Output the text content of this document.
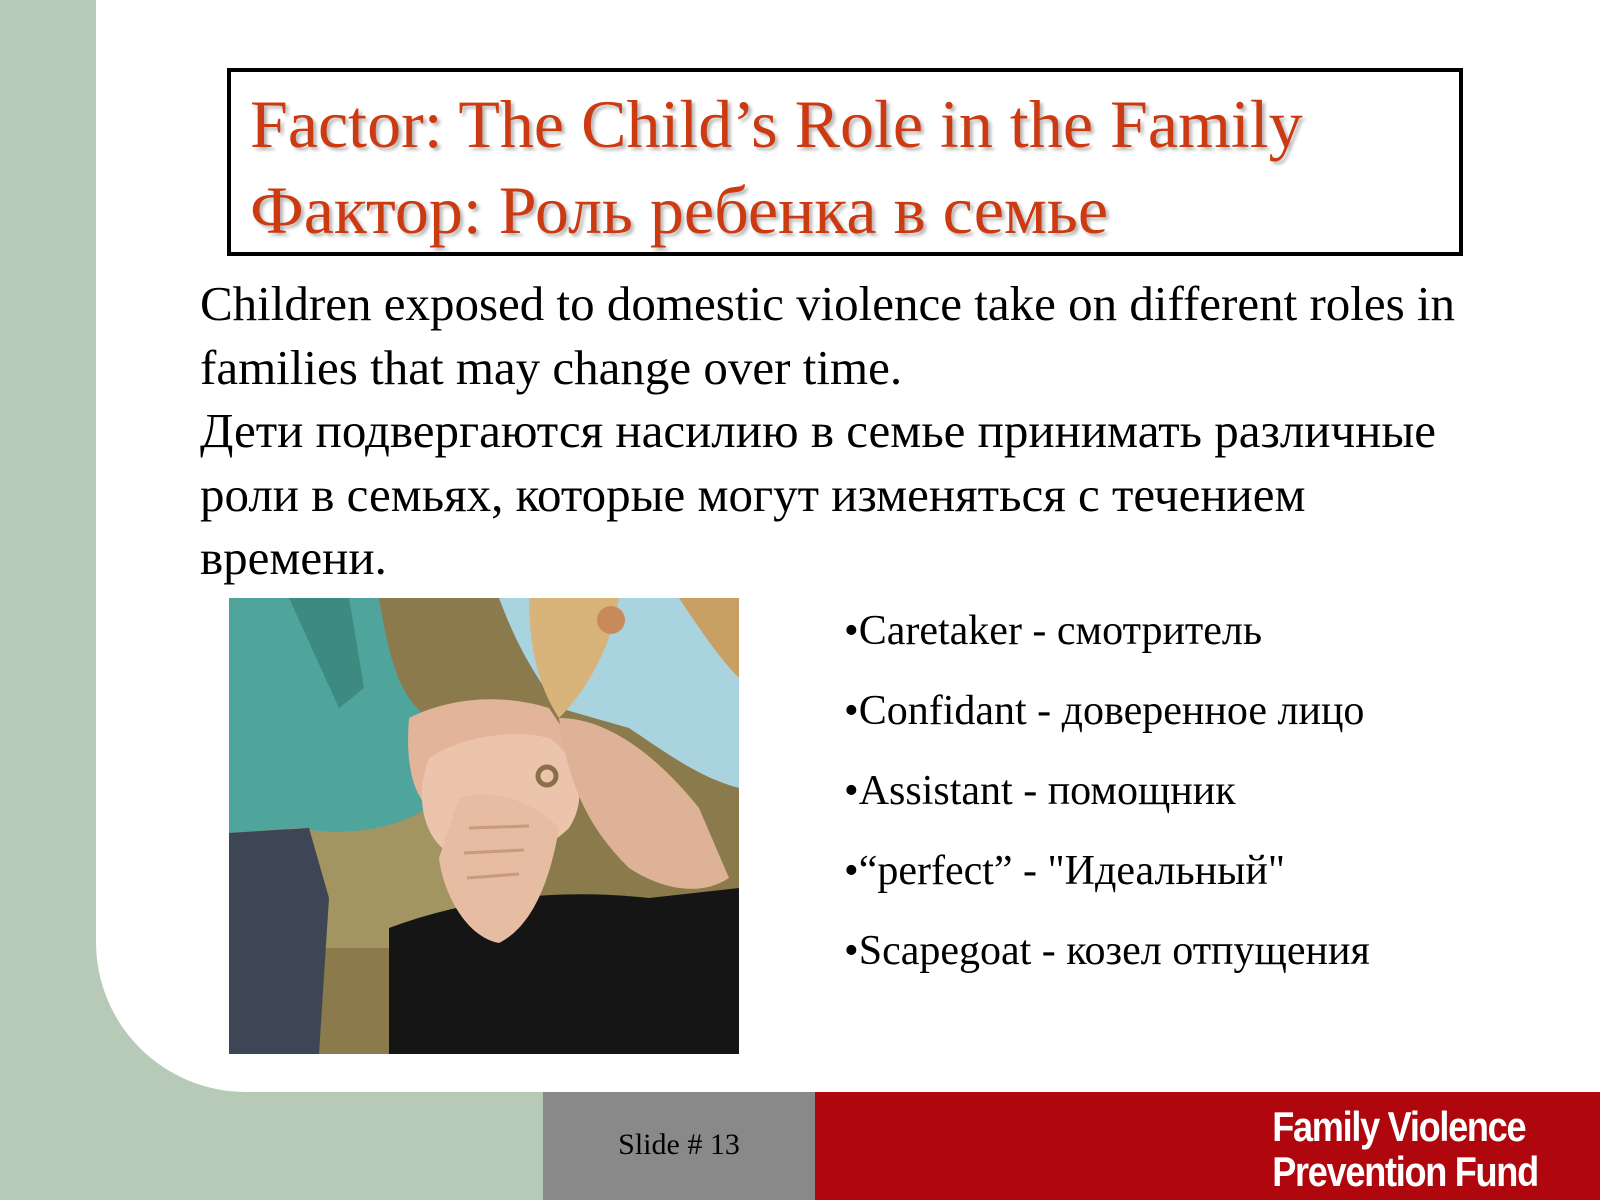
Factor: The Child’s Role in the Family
Фактор: Роль ребенка в семье

Children exposed to domestic violence take on different roles in families that may change over time.

Дети подвергаются насилию в семье принимать различные роли в семьях, которые могут изменяться с течением времени.

•Caretaker - смотритель
•Confidant - доверенное лицо
•Assistant - помощник
•“perfect” - "Идеальный"
•Scapegoat - козел отпущения
Slide # 13	Family Violence
Prevention Fund
